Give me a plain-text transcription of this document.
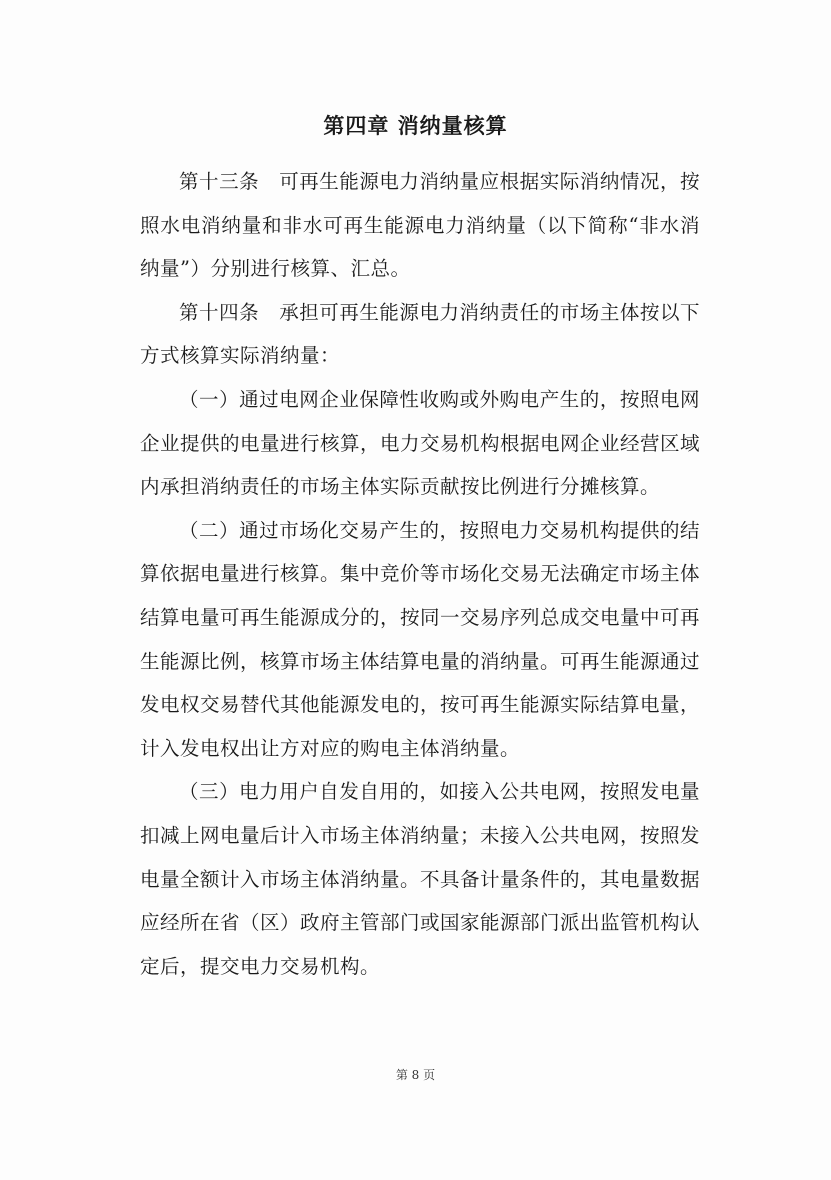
第四章 消纳量核算

第十三条　可再生能源电力消纳量应根据实际消纳情况，按照水电消纳量和非水可再生能源电力消纳量（以下简称“非水消纳量”）分别进行核算、汇总。

第十四条　承担可再生能源电力消纳责任的市场主体按以下方式核算实际消纳量：

（一）通过电网企业保障性收购或外购电产生的，按照电网企业提供的电量进行核算，电力交易机构根据电网企业经营区域内承担消纳责任的市场主体实际贡献按比例进行分摊核算。

（二）通过市场化交易产生的，按照电力交易机构提供的结算依据电量进行核算。集中竞价等市场化交易无法确定市场主体结算电量可再生能源成分的，按同一交易序列总成交电量中可再生能源比例，核算市场主体结算电量的消纳量。可再生能源通过发电权交易替代其他能源发电的，按可再生能源实际结算电量，计入发电权出让方对应的购电主体消纳量。

（三）电力用户自发自用的，如接入公共电网，按照发电量扣减上网电量后计入市场主体消纳量；未接入公共电网，按照发电量全额计入市场主体消纳量。不具备计量条件的，其电量数据应经所在省（区）政府主管部门或国家能源部门派出监管机构认定后，提交电力交易机构。

第 8 页
